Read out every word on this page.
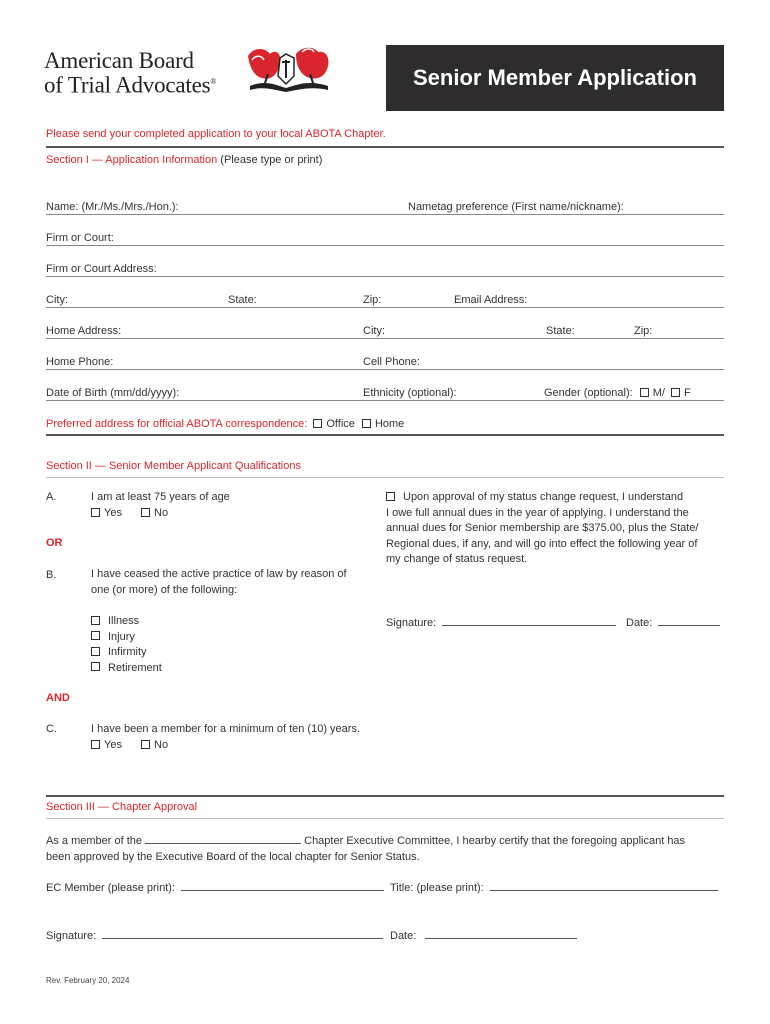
American Board
of Trial Advocates®	Senior Member Application
Please send your completed application to your local ABOTA Chapter.
Section I — Application Information (Please type or print)
Name: (Mr./Ms./Mrs./Hon.):	Nametag preference (First name/nickname):
Firm or Court:
Firm or Court Address:
City:	State:	Zip:	Email Address:
Home Address:	City:	State:	Zip:
Home Phone:	Cell Phone:
Date of Birth (mm/dd/yyyy):	Ethnicity (optional):	Gender (optional): M/ F
Preferred address for official ABOTA correspondence: Office Home
Section II — Senior Member Applicant Qualifications
A.	I am at least 75 years of age
Yes	No
OR
B.	I have ceased the active practice of law by reason of
one (or more) of the following:
Illness
Injury
Infirmity
Retirement
AND
C.	I have been a member for a minimum of ten (10) years.
Yes	No
Upon approval of my status change request, I understand
I owe full annual dues in the year of applying. I understand the
annual dues for Senior membership are $375.00, plus the State/
Regional dues, if any, and will go into effect the following year of
my change of status request.
Signature:	Date:
Section III — Chapter Approval
As a member of the	Chapter Executive Committee, I hearby certify that the foregoing applicant has
been approved by the Executive Board of the local chapter for Senior Status.
EC Member (please print):	Title: (please print):
Signature:	Date:
Rev. February 20, 2024
